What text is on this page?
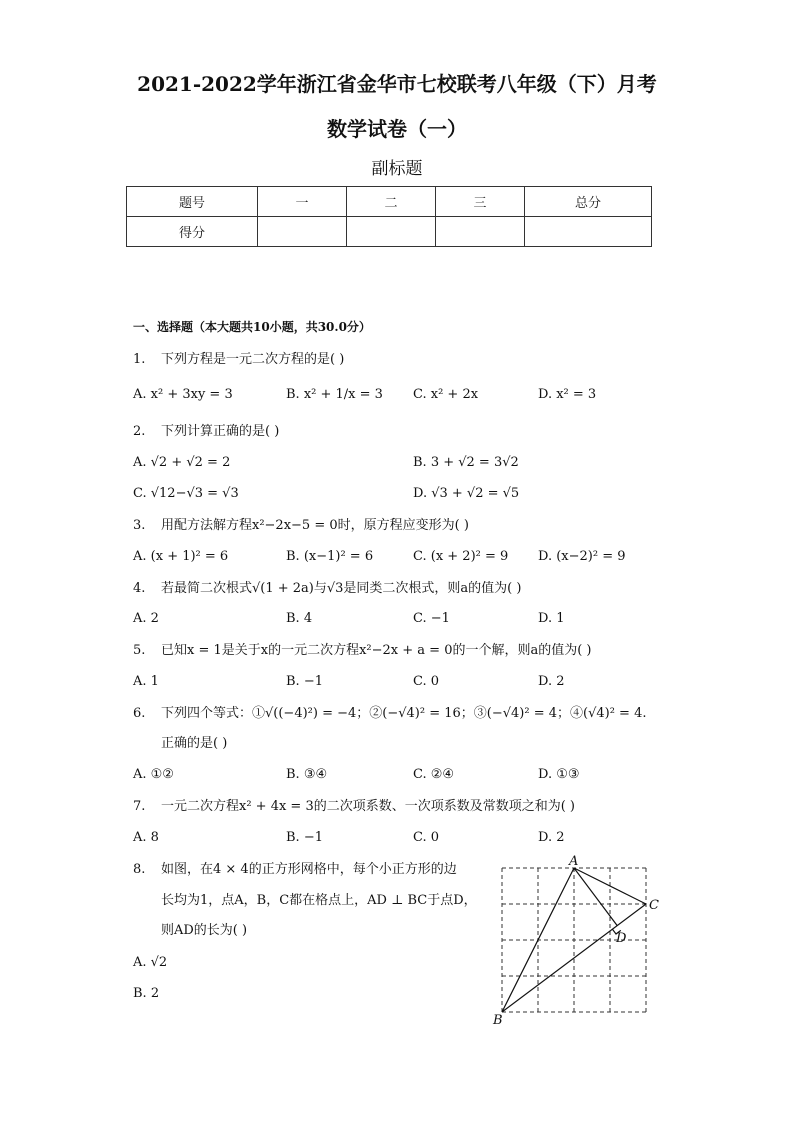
2021-2022学年浙江省金华市七校联考八年级（下）月考
数学试卷（一）
副标题
题号	一	二	三	总分
得分				
一、选择题（本大题共10小题，共30.0分）
1. 下列方程是一元二次方程的是( )
A. x² + 3xy = 3	B. x² + 1/x = 3 C. x² + 2x	D. x² = 3
2. 下列计算正确的是( )
A. √2 + √2 = 2	B. 3 + √2 = 3√2
C. √12−√3 = √3	D. √3 + √2 = √5
3. 用配方法解方程x²−2x−5 = 0时，原方程应变形为( )
A. (x + 1)² = 6	B. (x−1)² = 6	C. (x + 2)² = 9 D. (x−2)² = 9
4. 若最简二次根式√(1 + 2a)与√3是同类二次根式，则a的值为( )
A. 2	B. 4	C. −1	D. 1
5. 已知x = 1是关于x的一元二次方程x²−2x + a = 0的一个解，则a的值为( )
A. 1	B. −1	C. 0	D. 2
6. 下列四个等式：①√((−4)²) = −4；②(−√4)² = 16；③(−√4)² = 4；④(√4)² = 4.
正确的是( )
A. ①②	B. ③④	C. ②④	D. ①③
7. 一元二次方程x² + 4x = 3的二次项系数、一次项系数及常数项之和为( )
A. 8	B. −1	C. 0	D. 2
8. 如图，在4 × 4的正方形网格中，每个小正方形的边
长均为1，点A，B，C都在格点上，AD ⊥ BC于点D，
则AD的长为( )
A. √2
B. 2
A
B
C
D
